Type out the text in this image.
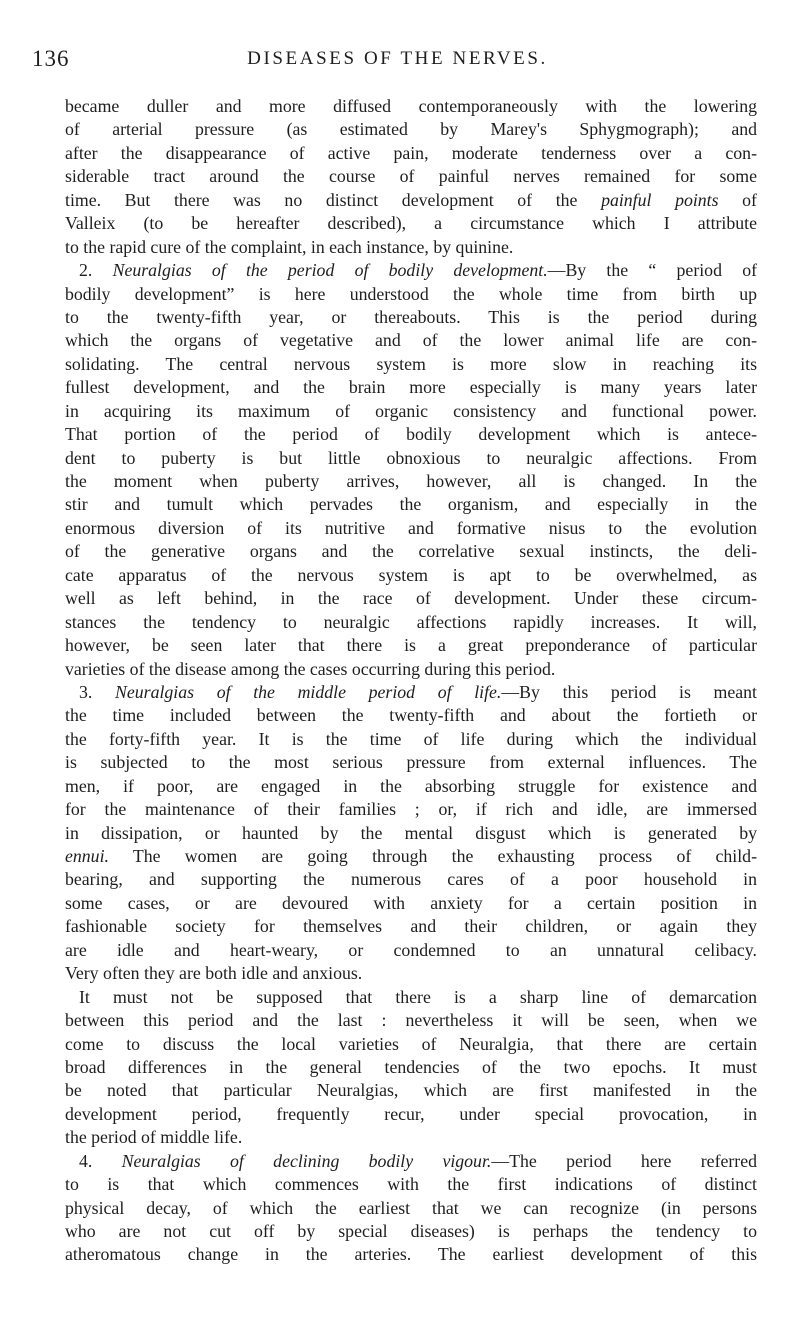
136	DISEASES OF THE NERVES.
became duller and more diffused contemporaneously with the lowering
of arterial pressure (as estimated by Marey's Sphygmograph); and
after the disappearance of active pain, moderate tenderness over a con-
siderable tract around the course of painful nerves remained for some
time. But there was no distinct development of the painful points of
Valleix (to be hereafter described), a circumstance which I attribute
to the rapid cure of the complaint, in each instance, by quinine.
2. Neuralgias of the period of bodily development.—By the “ period of
bodily development” is here understood the whole time from birth up
to the twenty-fifth year, or thereabouts. This is the period during
which the organs of vegetative and of the lower animal life are con-
solidating. The central nervous system is more slow in reaching its
fullest development, and the brain more especially is many years later
in acquiring its maximum of organic consistency and functional power.
That portion of the period of bodily development which is antece-
dent to puberty is but little obnoxious to neuralgic affections. From
the moment when puberty arrives, however, all is changed. In the
stir and tumult which pervades the organism, and especially in the
enormous diversion of its nutritive and formative nisus to the evolution
of the generative organs and the correlative sexual instincts, the deli-
cate apparatus of the nervous system is apt to be overwhelmed, as
well as left behind, in the race of development. Under these circum-
stances the tendency to neuralgic affections rapidly increases. It will,
however, be seen later that there is a great preponderance of particular
varieties of the disease among the cases occurring during this period.
3. Neuralgias of the middle period of life.—By this period is meant
the time included between the twenty-fifth and about the fortieth or
the forty-fifth year. It is the time of life during which the individual
is subjected to the most serious pressure from external influences. The
men, if poor, are engaged in the absorbing struggle for existence and
for the maintenance of their families ; or, if rich and idle, are immersed
in dissipation, or haunted by the mental disgust which is generated by
ennui. The women are going through the exhausting process of child-
bearing, and supporting the numerous cares of a poor household in
some cases, or are devoured with anxiety for a certain position in
fashionable society for themselves and their children, or again they
are idle and heart-weary, or condemned to an unnatural celibacy.
Very often they are both idle and anxious.
It must not be supposed that there is a sharp line of demarcation
between this period and the last : nevertheless it will be seen, when we
come to discuss the local varieties of Neuralgia, that there are certain
broad differences in the general tendencies of the two epochs. It must
be noted that particular Neuralgias, which are first manifested in the
development period, frequently recur, under special provocation, in
the period of middle life.
4. Neuralgias of declining bodily vigour.—The period here referred
to is that which commences with the first indications of distinct
physical decay, of which the earliest that we can recognize (in persons
who are not cut off by special diseases) is perhaps the tendency to
atheromatous change in the arteries. The earliest development of this
